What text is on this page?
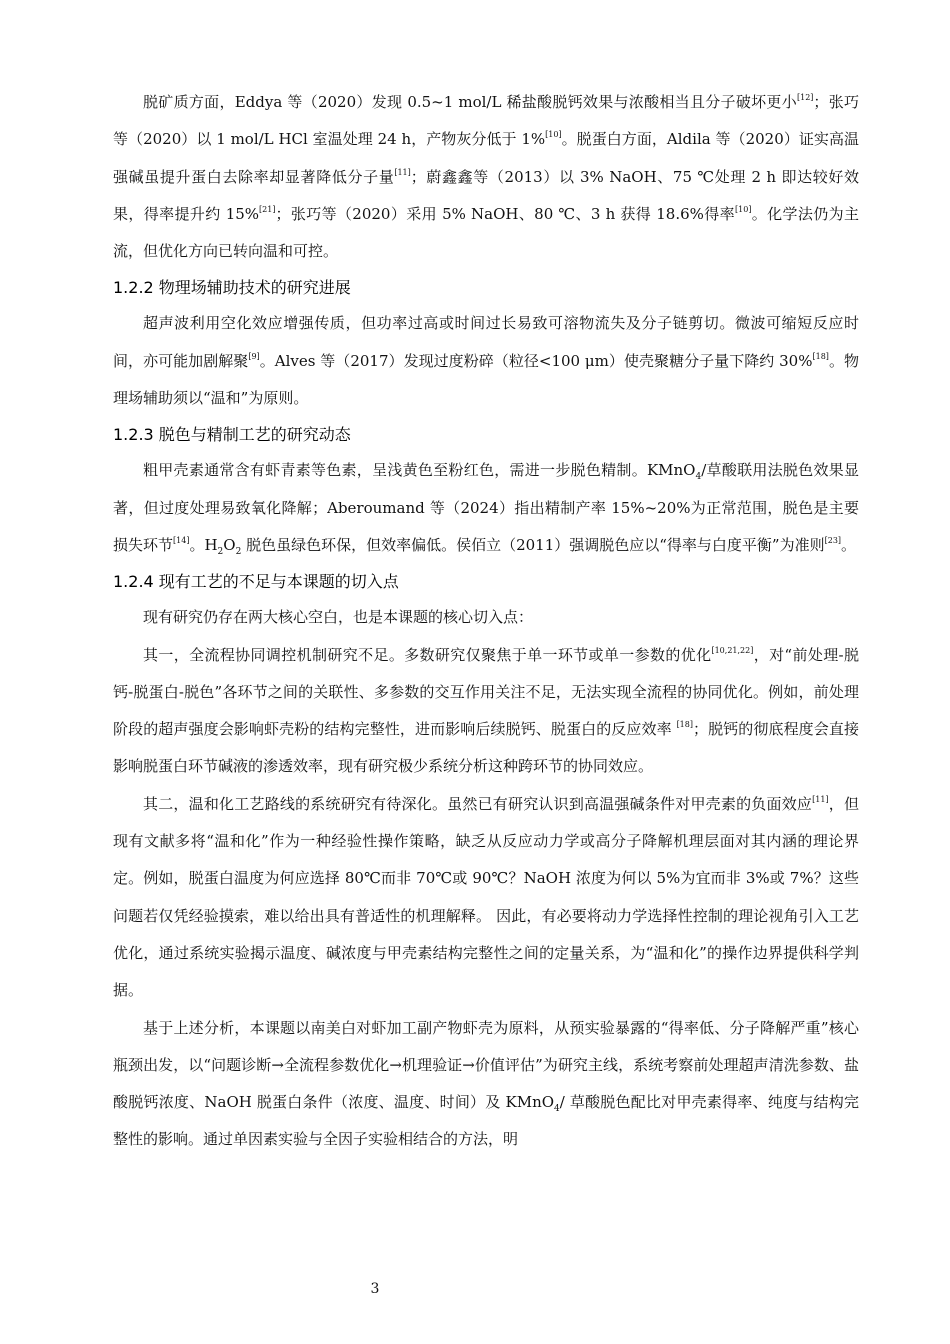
脱矿质方面，Eddya 等（2020）发现 0.5~1 mol/L 稀盐酸脱钙效果与浓酸相当且分子破坏更小[12]；张巧等（2020）以 1 mol/L HCl 室温处理 24 h，产物灰分低于 1%[10]。脱蛋白方面，Aldila 等（2020）证实高温强碱虽提升蛋白去除率却显著降低分子量[11]；蔚鑫鑫等（2013）以 3% NaOH、75 ℃处理 2 h 即达较好效果，得率提升约 15%[21]；张巧等（2020）采用 5% NaOH、80 ℃、3 h 获得 18.6%得率[10]。化学法仍为主流，但优化方向已转向温和可控。

1.2.2 物理场辅助技术的研究进展

超声波利用空化效应增强传质，但功率过高或时间过长易致可溶物流失及分子链剪切。微波可缩短反应时间，亦可能加剧解聚[9]。Alves 等（2017）发现过度粉碎（粒径<100 μm）使壳聚糖分子量下降约 30%[18]。物理场辅助须以“温和”为原则。

1.2.3 脱色与精制工艺的研究动态

粗甲壳素通常含有虾青素等色素，呈浅黄色至粉红色，需进一步脱色精制。KMnO$_4$/草酸联用法脱色效果显著，但过度处理易致氧化降解；Aberoumand 等（2024）指出精制产率 15%~20%为正常范围，脱色是主要损失环节[14]。$H_2O_2$ 脱色虽绿色环保，但效率偏低。侯佰立（2011）强调脱色应以“得率与白度平衡”为准则[23]。

1.2.4 现有工艺的不足与本课题的切入点

现有研究仍存在两大核心空白，也是本课题的核心切入点：

其一，全流程协同调控机制研究不足。多数研究仅聚焦于单一环节或单一参数的优化[10,21,22]，对“前处理-脱钙-脱蛋白-脱色”各环节之间的关联性、多参数的交互作用关注不足，无法实现全流程的协同优化。例如，前处理阶段的超声强度会影响虾壳粉的结构完整性，进而影响后续脱钙、脱蛋白的反应效率 [18]；脱钙的彻底程度会直接影响脱蛋白环节碱液的渗透效率，现有研究极少系统分析这种跨环节的协同效应。

其二，温和化工艺路线的系统研究有待深化。虽然已有研究认识到高温强碱条件对甲壳素的负面效应[11]，但现有文献多将“温和化”作为一种经验性操作策略，缺乏从反应动力学或高分子降解机理层面对其内涵的理论界定。例如，脱蛋白温度为何应选择 80℃而非 70℃或 90℃？NaOH 浓度为何以 5%为宜而非 3%或 7%？这些问题若仅凭经验摸索，难以给出具有普适性的机理解释。 因此，有必要将动力学选择性控制的理论视角引入工艺优化，通过系统实验揭示温度、碱浓度与甲壳素结构完整性之间的定量关系，为“温和化”的操作边界提供科学判据。

基于上述分析，本课题以南美白对虾加工副产物虾壳为原料，从预实验暴露的“得率低、分子降解严重”核心瓶颈出发，以“问题诊断→全流程参数优化→机理验证→价值评估”为研究主线，系统考察前处理超声清洗参数、盐酸脱钙浓度、NaOH 脱蛋白条件（浓度、温度、时间）及 KMnO$_4$/ 草酸脱色配比对甲壳素得率、纯度与结构完整性的影响。通过单因素实验与全因子实验相结合的方法，明

3
